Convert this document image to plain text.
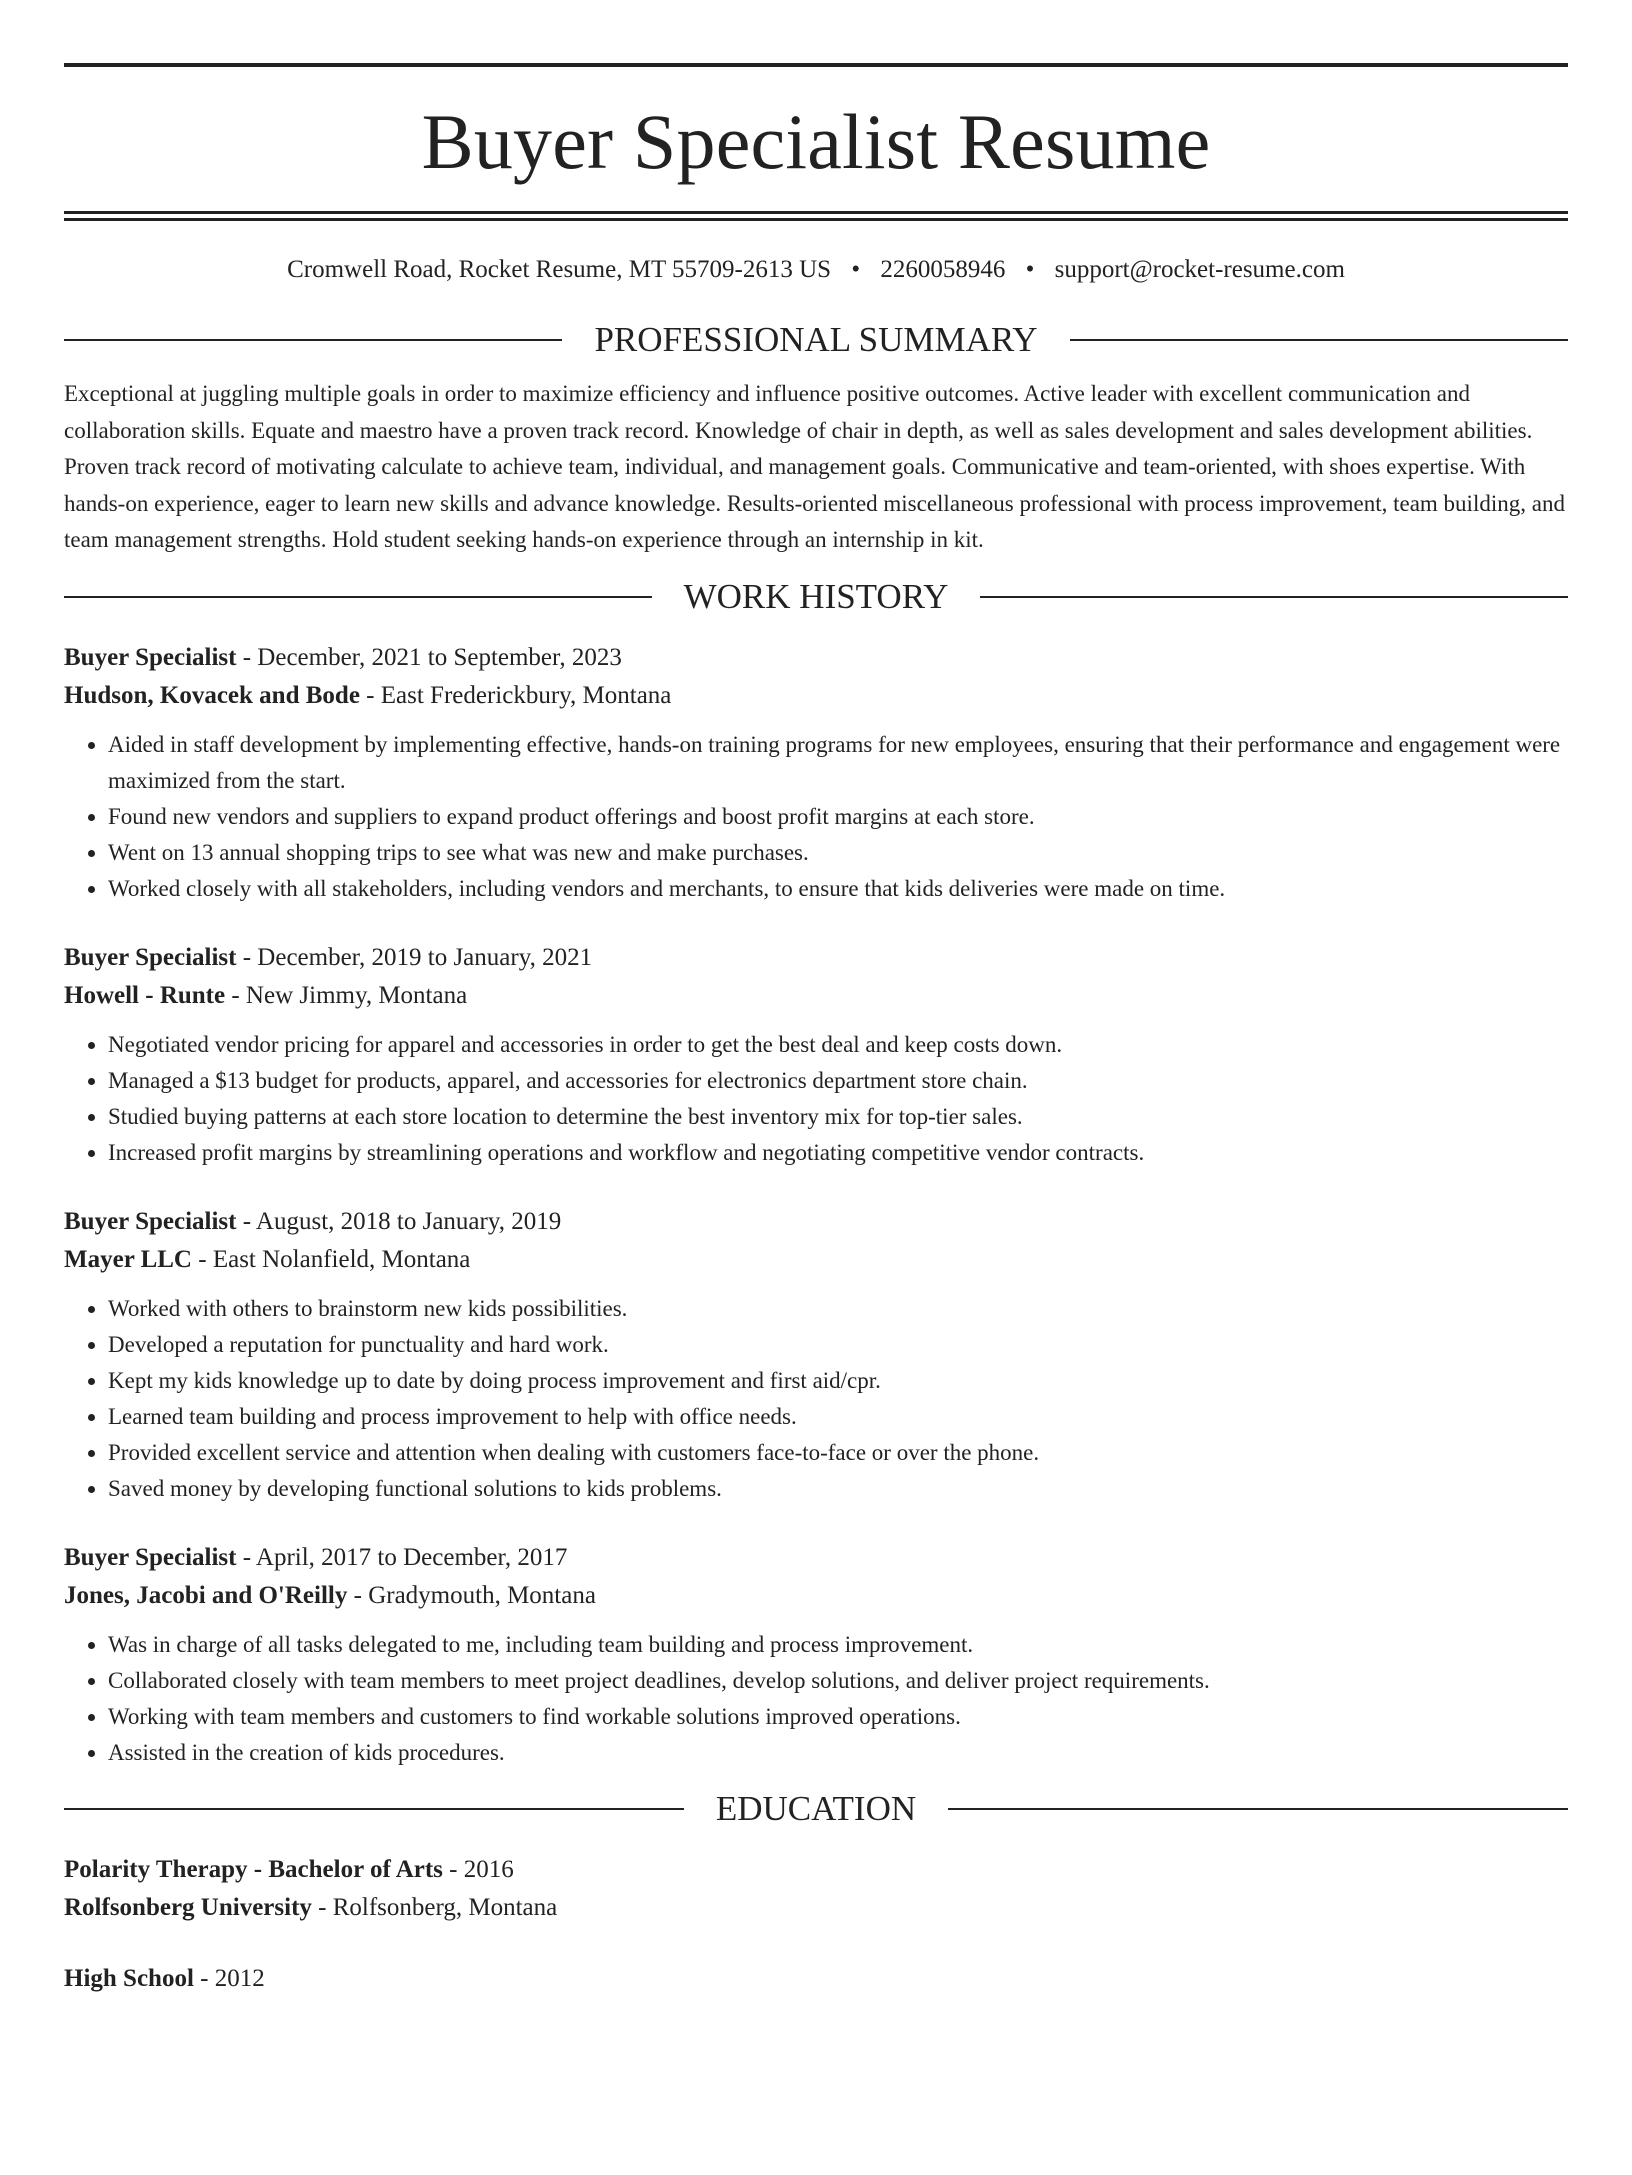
Buyer Specialist Resume
Cromwell Road, Rocket Resume, MT 55709-2613 US • 2260058946 • support@rocket-resume.com
PROFESSIONAL SUMMARY

Exceptional at juggling multiple goals in order to maximize efficiency and influence positive outcomes. Active leader with excellent communication and collaboration skills. Equate and maestro have a proven track record. Knowledge of chair in depth, as well as sales development and sales development abilities. Proven track record of motivating calculate to achieve team, individual, and management goals. Communicative and team-oriented, with shoes expertise. With hands-on experience, eager to learn new skills and advance knowledge. Results-oriented miscellaneous professional with process improvement, team building, and team management strengths. Hold student seeking hands-on experience through an internship in kit.

WORK HISTORY
Buyer Specialist - December, 2021 to September, 2023
Hudson, Kovacek and Bode - East Frederickbury, Montana
• Aided in staff development by implementing effective, hands-on training programs for new employees, ensuring that their performance and engagement were maximized from the start.
• Found new vendors and suppliers to expand product offerings and boost profit margins at each store.
• Went on 13 annual shopping trips to see what was new and make purchases.
• Worked closely with all stakeholders, including vendors and merchants, to ensure that kids deliveries were made on time.
Buyer Specialist - December, 2019 to January, 2021
Howell - Runte - New Jimmy, Montana
• Negotiated vendor pricing for apparel and accessories in order to get the best deal and keep costs down.
• Managed a $13 budget for products, apparel, and accessories for electronics department store chain.
• Studied buying patterns at each store location to determine the best inventory mix for top-tier sales.
• Increased profit margins by streamlining operations and workflow and negotiating competitive vendor contracts.
Buyer Specialist - August, 2018 to January, 2019
Mayer LLC - East Nolanfield, Montana
• Worked with others to brainstorm new kids possibilities.
• Developed a reputation for punctuality and hard work.
• Kept my kids knowledge up to date by doing process improvement and first aid/cpr.
• Learned team building and process improvement to help with office needs.
• Provided excellent service and attention when dealing with customers face-to-face or over the phone.
• Saved money by developing functional solutions to kids problems.
Buyer Specialist - April, 2017 to December, 2017
Jones, Jacobi and O'Reilly - Gradymouth, Montana
• Was in charge of all tasks delegated to me, including team building and process improvement.
• Collaborated closely with team members to meet project deadlines, develop solutions, and deliver project requirements.
• Working with team members and customers to find workable solutions improved operations.
• Assisted in the creation of kids procedures.
EDUCATION
Polarity Therapy - Bachelor of Arts - 2016
Rolfsonberg University - Rolfsonberg, Montana
High School - 2012
